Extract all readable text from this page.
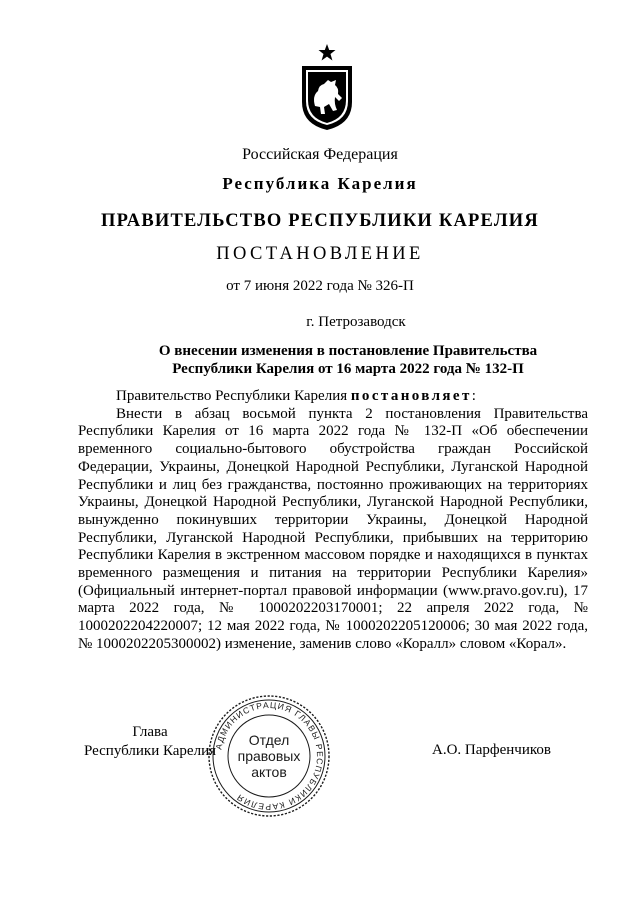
Российская Федерация
Республика Карелия
ПРАВИТЕЛЬСТВО РЕСПУБЛИКИ КАРЕЛИЯ
ПОСТАНОВЛЕНИЕ
от 7 июня 2022 года № 326-П
г. Петрозаводск
О внесении изменения в постановление Правительства
Республики Карелия от 16 марта 2022 года № 132-П

Правительство Республики Карелия постановляет:

Внести в абзац восьмой пункта 2 постановления Правительства Республики Карелия от 16 марта 2022 года № 132-П «Об обеспечении временного социально-бытового обустройства граждан Российской Федерации, Украины, Донецкой Народной Республики, Луганской Народной Республики и лиц без гражданства, постоянно проживающих на территориях Украины, Донецкой Народной Республики, Луганской Народной Республики, вынужденно покинувших территории Украины, Донецкой Народной Республики, Луганской Народной Республики, прибывших на территорию Республики Карелия в экстренном массовом порядке и находящихся в пунктах временного размещения и питания на территории Республики Карелия» (Официальный интернет-портал правовой информации (www.pravo.gov.ru), 17 марта 2022 года, № 1000202203170001; 22 апреля 2022 года, № 1000202204220007; 12 мая 2022 года, № 1000202205120006; 30 мая 2022 года, № 1000202205300002) изменение, заменив слово «Коралл» словом «Корал».

Глава
Республики Карелия	А.О. Парфенчиков
АДМИНИСТРАЦИЯ ГЛАВЫ РЕСПУБЛИКИ КАРЕЛИЯ
Отдел
правовых
актов
